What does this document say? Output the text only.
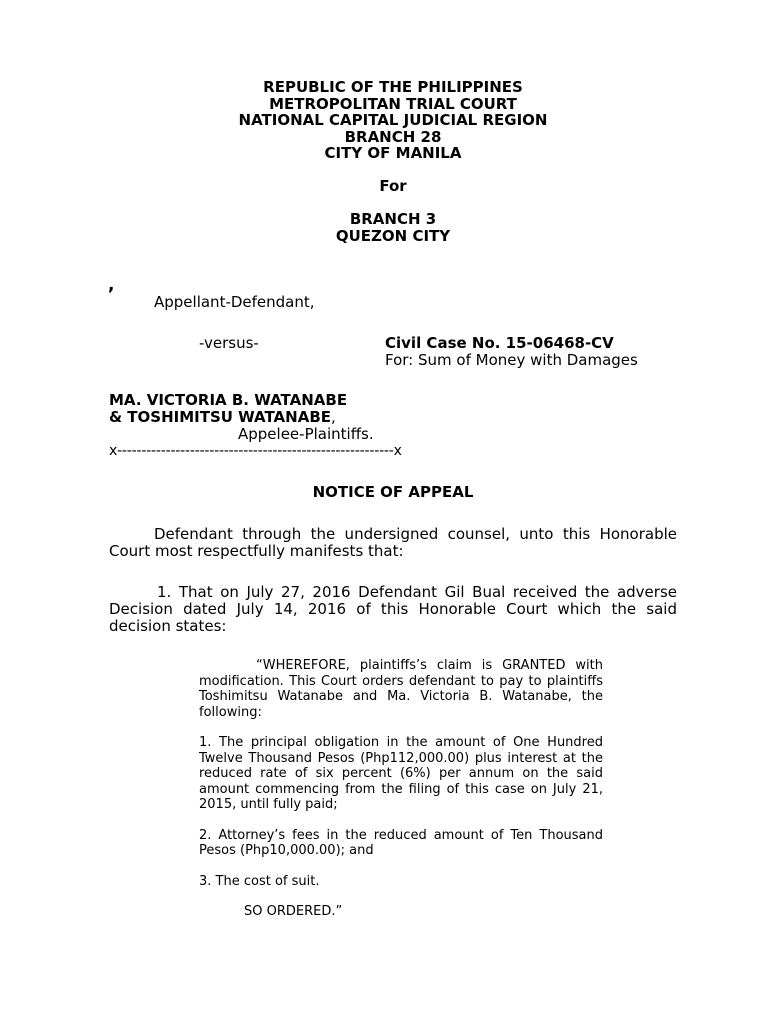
REPUBLIC OF THE PHILIPPINES
METROPOLITAN TRIAL COURT
NATIONAL CAPITAL JUDICIAL REGION
BRANCH 28
CITY OF MANILA
For
BRANCH 3
QUEZON CITY
,
Appellant-Defendant,
-versus-	Civil Case No. 15-06468-CV
For: Sum of Money with Damages
MA. VICTORIA B. WATANABE
& TOSHIMITSU WATANABE,
Appelee-Plaintiffs.
x---------------------------------------------------------x
NOTICE OF APPEAL
Defendant through the undersigned counsel, unto this Honorable Court most respectfully manifests that:
1. That on July 27, 2016 Defendant Gil Bual received the adverse Decision dated July 14, 2016 of this Honorable Court which the said decision states:

“WHEREFORE, plaintiffs’s claim is GRANTED with modification. This Court orders defendant to pay to plaintiffs Toshimitsu Watanabe and Ma. Victoria B. Watanabe, the following:

1. The principal obligation in the amount of One Hundred Twelve Thousand Pesos (Php112,000.00) plus interest at the reduced rate of six percent (6%) per annum on the said amount commencing from the filing of this case on July 21, 2015, until fully paid;

2. Attorney’s fees in the reduced amount of Ten Thousand Pesos (Php10,000.00); and

3. The cost of suit.

SO ORDERED.”
